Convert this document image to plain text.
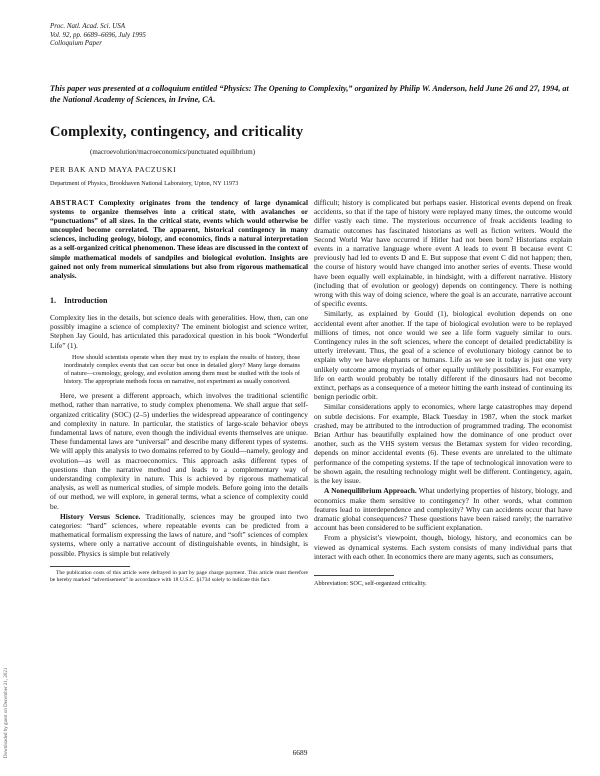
Proc. Natl. Acad. Sci. USA
Vol. 92, pp. 6689–6696, July 1995
Colloquium Paper
This paper was presented at a colloquium entitled “Physics: The Opening to Complexity,” organized by Philip W. Anderson, held June 26 and 27, 1994, at the National Academy of Sciences, in Irvine, CA.
Complexity, contingency, and criticality
(macroevolution/macroeconomics/punctuated equilibrium)
PER BAK AND MAYA PACZUSKI
Department of Physics, Brookhaven National Laboratory, Upton, NY 11973
ABSTRACT Complexity originates from the tendency of large dynamical systems to organize themselves into a critical state, with avalanches or “punctuations” of all sizes. In the critical state, events which would otherwise be uncoupled become correlated. The apparent, historical contingency in many sciences, including geology, biology, and economics, finds a natural interpretation as a self-organized critical phenomenon. These ideas are discussed in the context of simple mathematical models of sandpiles and biological evolution. Insights are gained not only from numerical simulations but also from rigorous mathematical analysis.
1. Introduction

Complexity lies in the details, but science deals with generalities. How, then, can one possibly imagine a science of complexity? The eminent biologist and science writer, Stephen Jay Gould, has articulated this paradoxical question in his book “Wonderful Life” (1).

How should scientists operate when they must try to explain the results of history, those inordinately complex events that can occur but once in detailed glory? Many large domains of nature—cosmology, geology, and evolution among them must be studied with the tools of history. The appropriate methods focus on narrative, not experiment as usually conceived.

Here, we present a different approach, which involves the traditional scientific method, rather than narrative, to study complex phenomena. We shall argue that self-organized criticality (SOC) (2–5) underlies the widespread appearance of contingency and complexity in nature. In particular, the statistics of large-scale behavior obeys fundamental laws of nature, even though the individual events themselves are unique. These fundamental laws are “universal” and describe many different types of systems. We will apply this analysis to two domains referred to by Gould—namely, geology and evolution—as well as macroeconomics. This approach asks different types of questions than the narrative method and leads to a complementary way of understanding complexity in nature. This is achieved by rigorous mathematical analysis, as well as numerical studies, of simple models. Before going into the details of our method, we will explore, in general terms, what a science of complexity could be.

History Versus Science. Traditionally, sciences may be grouped into two categories: “hard” sciences, where repeatable events can be predicted from a mathematical formalism expressing the laws of nature, and “soft” sciences of complex systems, where only a narrative account of distinguishable events, in hindsight, is possible. Physics is simple but relatively

The publication costs of this article were defrayed in part by page charge payment. This article must therefore be hereby marked “advertisement” in accordance with 18 U.S.C. §1734 solely to indicate this fact.

difficult; history is complicated but perhaps easier. Historical events depend on freak accidents, so that if the tape of history were replayed many times, the outcome would differ vastly each time. The mysterious occurrence of freak accidents leading to dramatic outcomes has fascinated historians as well as fiction writers. Would the Second World War have occurred if Hitler had not been born? Historians explain events in a narrative language where event A leads to event B because event C previously had led to events D and E. But suppose that event C did not happen; then, the course of history would have changed into another series of events. These would have been equally well explainable, in hindsight, with a different narrative. History (including that of evolution or geology) depends on contingency. There is nothing wrong with this way of doing science, where the goal is an accurate, narrative account of specific events.

Similarly, as explained by Gould (1), biological evolution depends on one accidental event after another. If the tape of biological evolution were to be replayed millions of times, not once would we see a life form vaguely similar to ours. Contingency rules in the soft sciences, where the concept of detailed predictability is utterly irrelevant. Thus, the goal of a science of evolutionary biology cannot be to explain why we have elephants or humans. Life as we see it today is just one very unlikely outcome among myriads of other equally unlikely possibilities. For example, life on earth would probably be totally different if the dinosaurs had not become extinct, perhaps as a consequence of a meteor hitting the earth instead of continuing its benign periodic orbit.

Similar considerations apply to economics, where large catastrophes may depend on subtle decisions. For example, Black Tuesday in 1987, when the stock market crashed, may be attributed to the introduction of programmed trading. The economist Brian Arthur has beautifully explained how the dominance of one product over another, such as the VHS system versus the Betamax system for video recording, depends on minor accidental events (6). These events are unrelated to the ultimate performance of the competing systems. If the tape of technological innovation were to be shown again, the resulting technology might well be different. Contingency, again, is the key issue.

A Nonequilibrium Approach. What underlying properties of history, biology, and economics make them sensitive to contingency? In other words, what common features lead to interdependence and complexity? Why can accidents occur that have dramatic global consequences? These questions have been raised rarely; the narrative account has been considered to be sufficient explanation.

From a physicist’s viewpoint, though, biology, history, and economics can be viewed as dynamical systems. Each system consists of many individual parts that interact with each other. In economics there are many agents, such as consumers,

Abbreviation: SOC, self-organized criticality.
6689
Downloaded by guest on December 21, 2021
